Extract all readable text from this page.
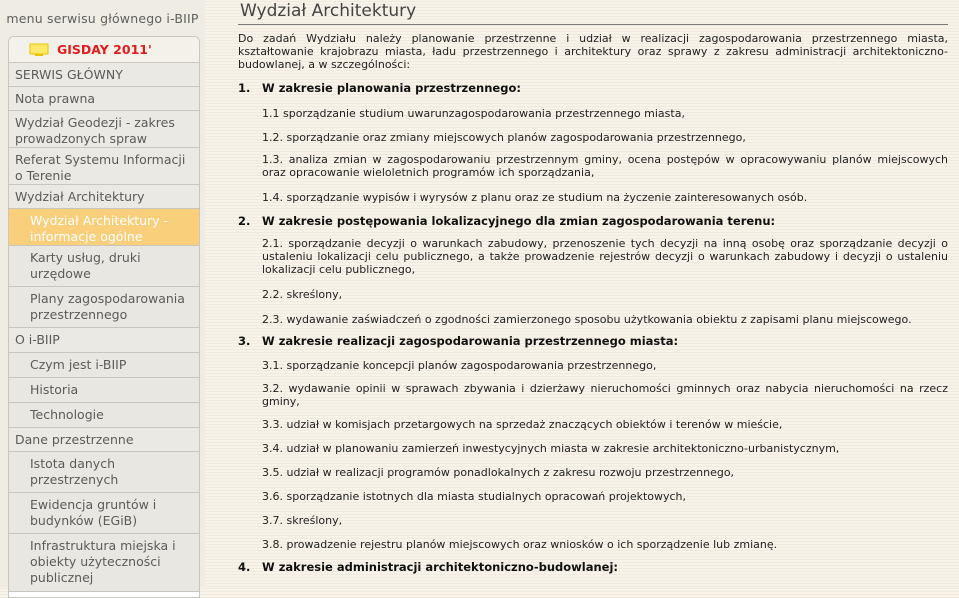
menu serwisu głównego i-BIIP
GISDAY 2011'
SERWIS GŁÓWNY
Nota prawna
Wydział Geodezji - zakres prowadzonych spraw
Referat Systemu Informacji o Terenie
Wydział Architektury
Wydział Architektury - informacje ogólne
Karty usług, druki urzędowe
Plany zagospodarowania przestrzennego
O i-BIIP
Czym jest i-BIIP
Historia
Technologie
Dane przestrzenne
Istota danych przestrzenych
Ewidencja gruntów i budynków (EGiB)
Infrastruktura miejska i obiekty użyteczności publicznej
Wydział Architektury
Do zadań Wydziału należy planowanie przestrzenne i udział w realizacji zagospodarowania przestrzennego miasta, kształtowanie krajobrazu miasta, ładu przestrzennego i architektury oraz sprawy z zakresu administracji architektoniczno-budowlanej, a w szczególności:
1. W zakresie planowania przestrzennego:
1.1 sporządzanie studium uwarunzagospodarowania przestrzennego miasta,
1.2. sporządzanie oraz zmiany miejscowych planów zagospodarowania przestrzennego,
1.3. analiza zmian w zagospodarowaniu przestrzennym gminy, ocena postępów w opracowywaniu planów miejscowych oraz opracowanie wieloletnich programów ich sporządzania,
1.4. sporządzanie wypisów i wyrysów z planu oraz ze studium na życzenie zainteresowanych osób.
2. W zakresie postępowania lokalizacyjnego dla zmian zagospodarowania terenu:
2.1. sporządzanie decyzji o warunkach zabudowy, przenoszenie tych decyzji na inną osobę oraz sporządzanie decyzji o ustaleniu lokalizacji celu publicznego, a także prowadzenie rejestrów decyzji o warunkach zabudowy i decyzji o ustaleniu lokalizacji celu publicznego,
2.2. skreślony,
2.3. wydawanie zaświadczeń o zgodności zamierzonego sposobu użytkowania obiektu z zapisami planu miejscowego.
3. W zakresie realizacji zagospodarowania przestrzennego miasta:
3.1. sporządzanie koncepcji planów zagospodarowania przestrzennego,
3.2. wydawanie opinii w sprawach zbywania i dzierżawy nieruchomości gminnych oraz nabycia nieruchomości na rzecz gminy,
3.3. udział w komisjach przetargowych na sprzedaż znaczących obiektów i terenów w mieście,
3.4. udział w planowaniu zamierzeń inwestycyjnych miasta w zakresie architektoniczno-urbanistycznym,
3.5. udział w realizacji programów ponadlokalnych z zakresu rozwoju przestrzennego,
3.6. sporządzanie istotnych dla miasta studialnych opracowań projektowych,
3.7. skreślony,
3.8. prowadzenie rejestru planów miejscowych oraz wniosków o ich sporządzenie lub zmianę.
4. W zakresie administracji architektoniczno-budowlanej:
